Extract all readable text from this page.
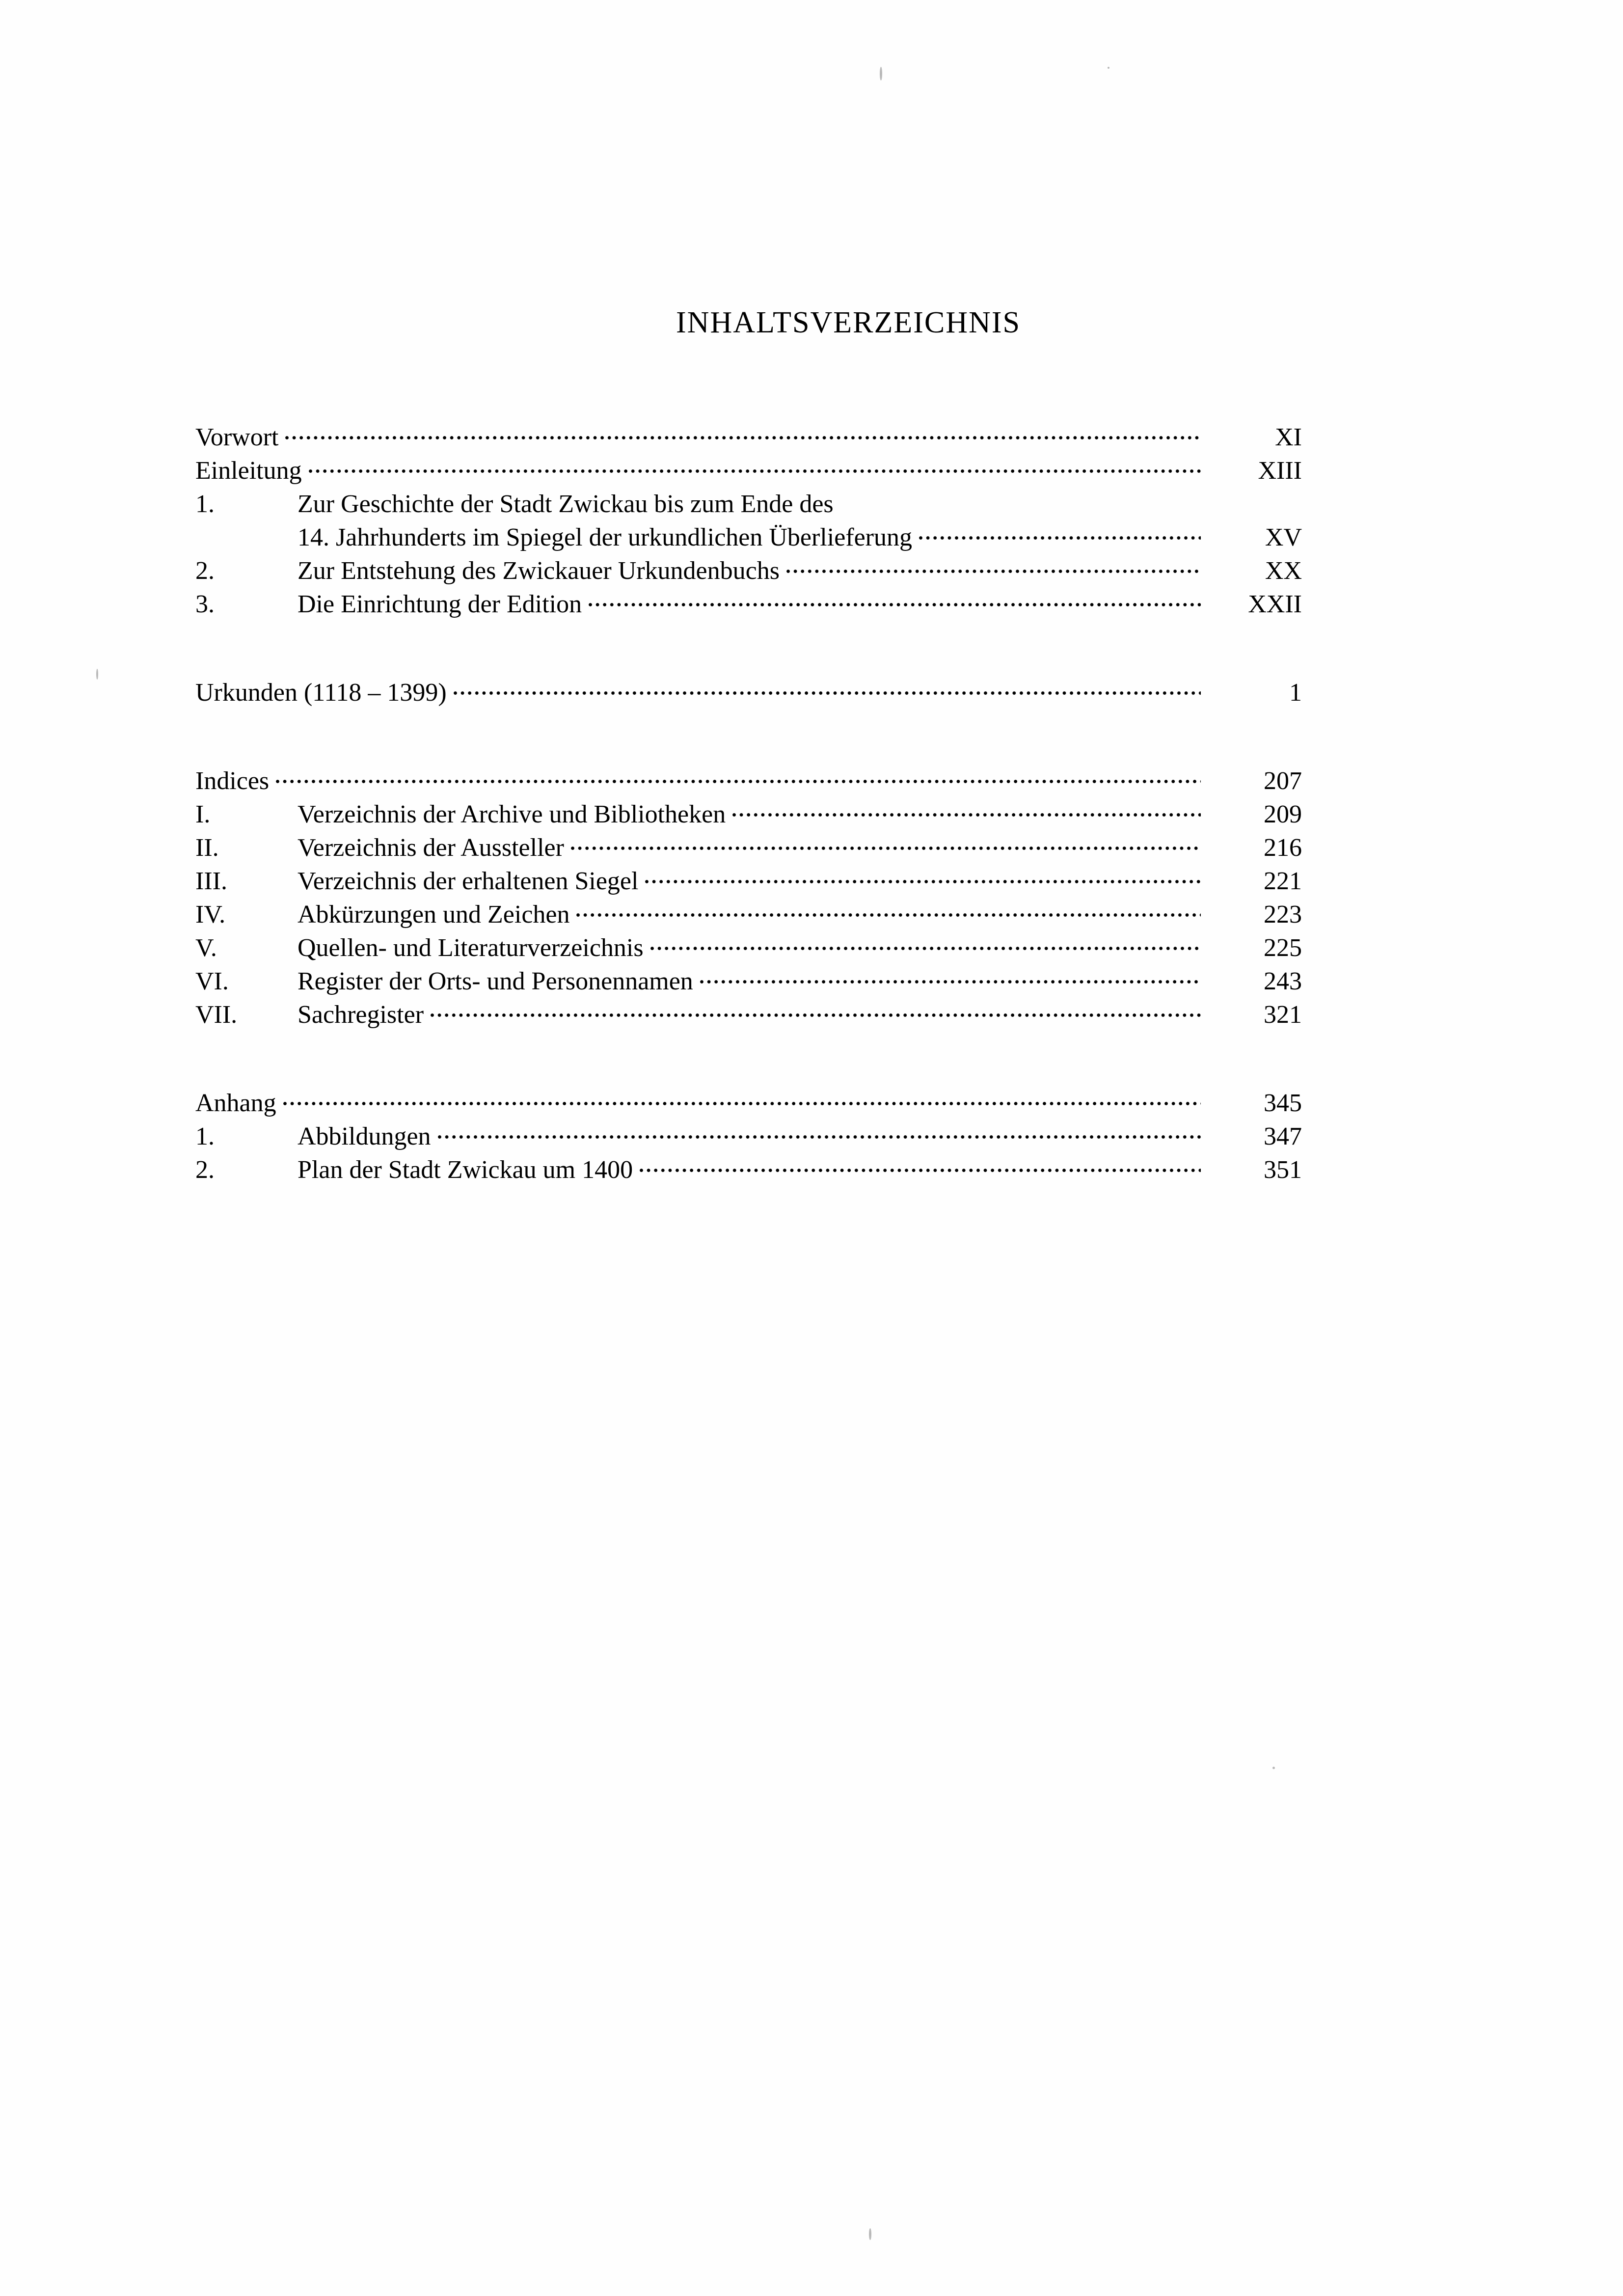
INHALTSVERZEICHNIS
Vorwort	XI
Einleitung	XIII
1.	Zur Geschichte der Stadt Zwickau bis zum Ende des
14. Jahrhunderts im Spiegel der urkundlichen Überlieferung	XV
2.	Zur Entstehung des Zwickauer Urkundenbuchs	XX
3.	Die Einrichtung der Edition	XXII
Urkunden (1118 – 1399)	1
Indices	207
I.	Verzeichnis der Archive und Bibliotheken	209
II.	Verzeichnis der Aussteller	216
III.	Verzeichnis der erhaltenen Siegel	221
IV.	Abkürzungen und Zeichen	223
V.	Quellen- und Literaturverzeichnis	225
VI.	Register der Orts- und Personennamen	243
VII.	Sachregister	321
Anhang	345
1.	Abbildungen	347
2.	Plan der Stadt Zwickau um 1400	351
